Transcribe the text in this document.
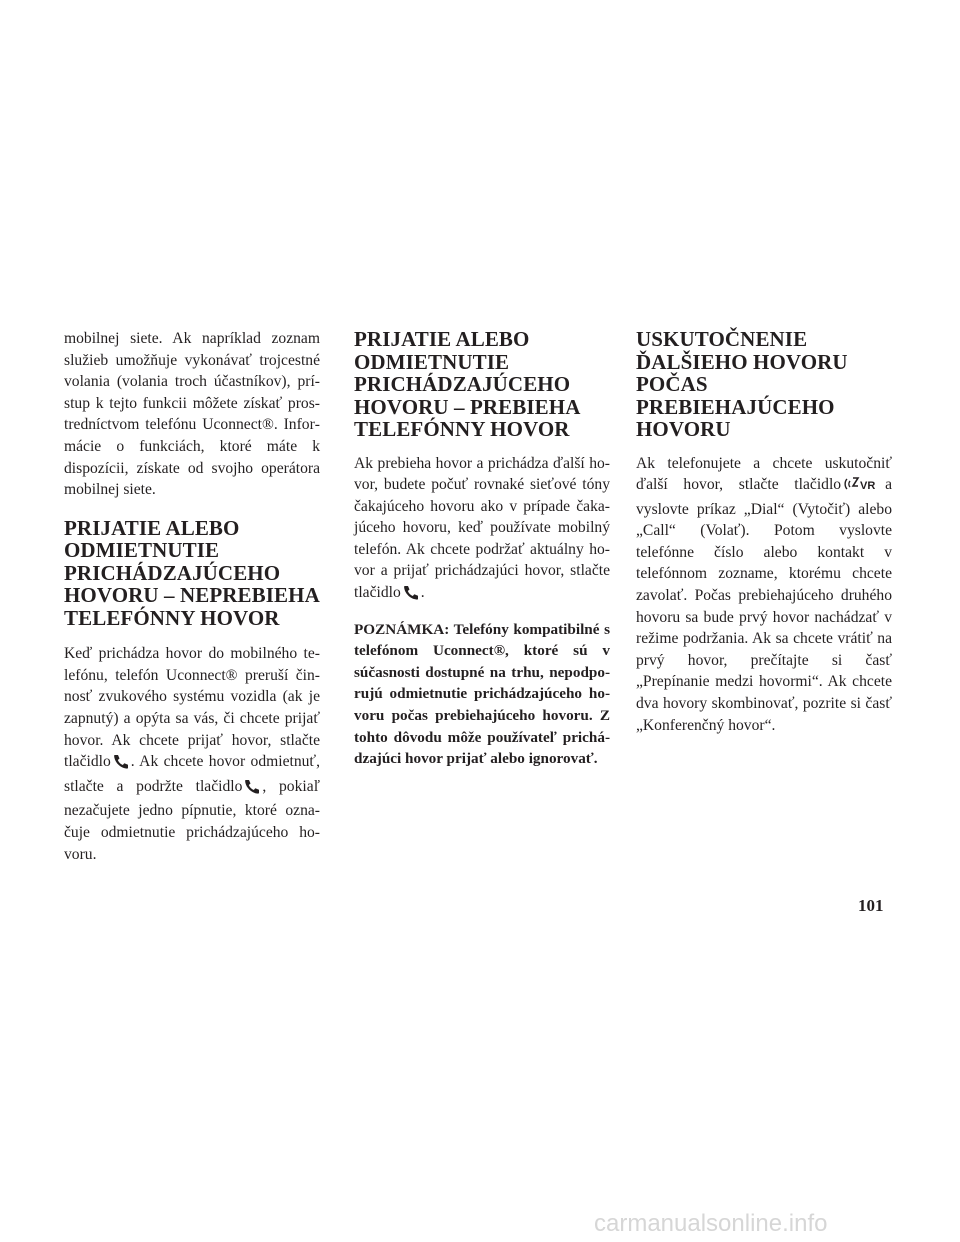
mobilnej siete. Ak napríklad zoznam služieb umožňuje vykonávať trojcestné volania (volania troch účastníkov), prístup k tejto funkcii môžete získať prostredníctvom telefónu Uconnect®. Informácie o funkciách, ktoré máte k dispozícii, získate od svojho operátora mobilnej siete.

PRIJATIE ALEBO ODMIETNUTIE PRICHÁDZAJÚCEHO HOVORU – NEPREBIEHA TELEFÓNNY HOVOR

Keď prichádza hovor do mobilného telefónu, telefón Uconnect® preruší činnosť zvukového systému vozidla (ak je zapnutý) a opýta sa vás, či chcete prijať hovor. Ak chcete prijať hovor, stlačte tlačidlo . Ak chcete hovor odmietnuť, stlačte a podržte tlačidlo , pokiaľ nezačujete jedno pípnutie, ktoré označuje odmietnutie prichádzajúceho hovoru.

PRIJATIE ALEBO ODMIETNUTIE PRICHÁDZAJÚCEHO HOVORU – PREBIEHA TELEFÓNNY HOVOR

Ak prebieha hovor a prichádza ďalší hovor, budete počuť rovnaké sieťové tóny čakajúceho hovoru ako v prípade čakajúceho hovoru, keď používate mobilný telefón. Ak chcete podržať aktuálny hovor a prijať prichádzajúci hovor, stlačte tlačidlo .

POZNÁMKA: Telefóny kompatibilné s telefónom Uconnect®, ktoré sú v súčasnosti dostupné na trhu, nepodporujú odmietnutie prichádzajúceho hovoru počas prebiehajúceho hovoru. Z tohto dôvodu môže používateľ prichádzajúci hovor prijať alebo ignorovať.

USKUTOČNENIE ĎALŠIEHO HOVORU POČAS PREBIEHAJÚCEHO HOVORU

Ak telefonujete a chcete uskutočniť ďalší hovor, stlačte tlačidlo VR a vyslovte príkaz „Dial“ (Vytočiť) alebo „Call“ (Volať). Potom vyslovte telefónne číslo alebo kontakt v telefónnom zozname, ktorému chcete zavolať. Počas prebiehajúceho druhého hovoru sa bude prvý hovor nachádzať v režime podržania. Ak sa chcete vrátiť na prvý hovor, prečítajte si časť „Prepínanie medzi hovormi“. Ak chcete dva hovory skombinovať, pozrite si časť „Konferenčný hovor“.

101
carmanualsonline.info
